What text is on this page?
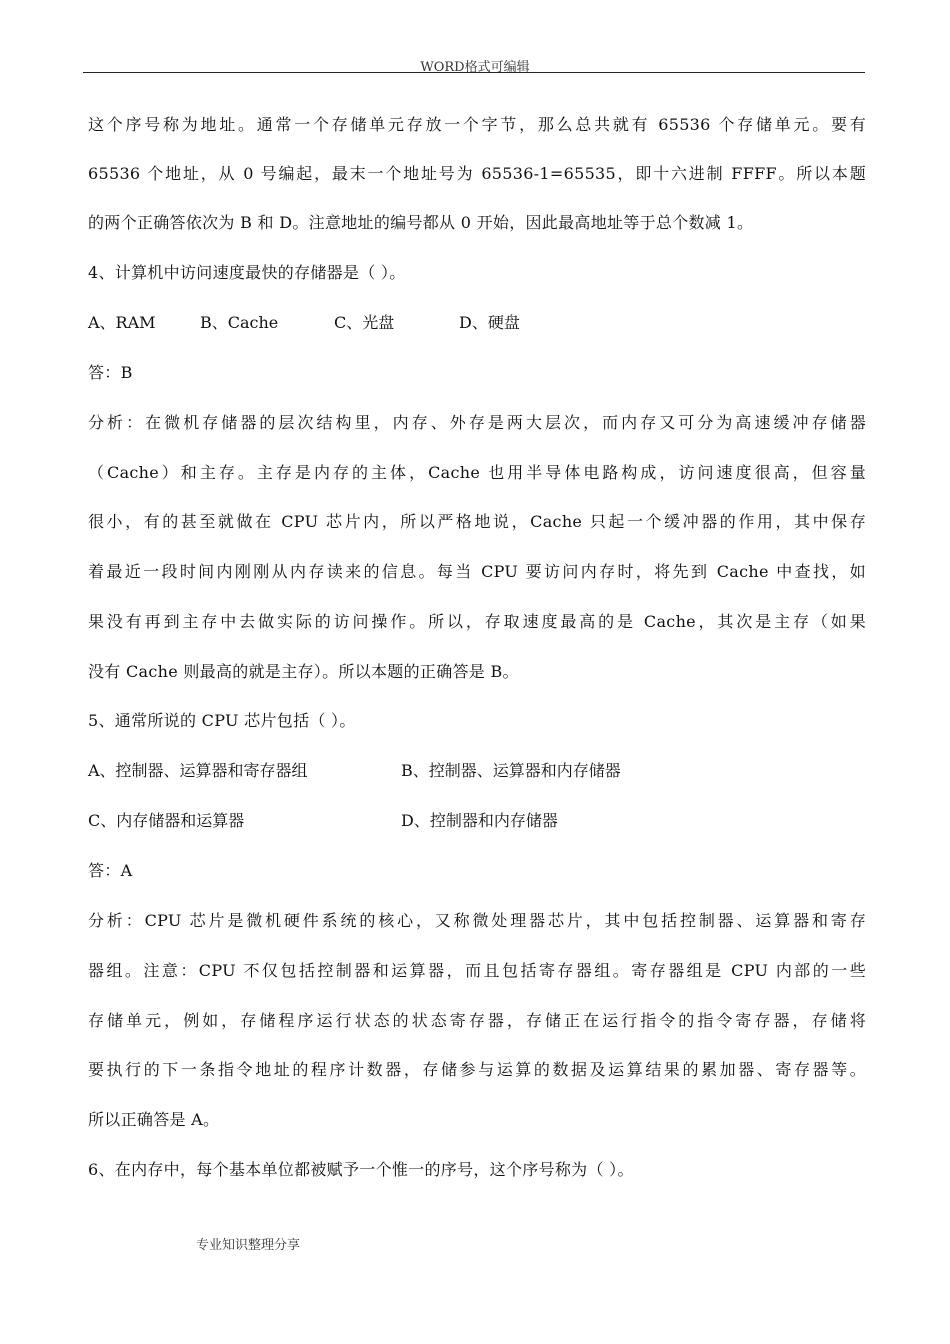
WORD格式可编辑
这个序号称为地址。通常一个存储单元存放一个字节，那么总共就有 65536 个存储单元。要有
65536 个地址，从 0 号编起，最末一个地址号为 65536-1=65535，即十六进制 FFFF。所以本题
的两个正确答依次为 B 和 D。注意地址的编号都从 0 开始，因此最高地址等于总个数减 1。
4、计算机中访问速度最快的存储器是（ ）。
A、RAM	B、Cache	C、光盘	D、硬盘
答：B
分析：在微机存储器的层次结构里，内存、外存是两大层次，而内存又可分为高速缓冲存储器
（Cache）和主存。主存是内存的主体，Cache 也用半导体电路构成，访问速度很高，但容量
很小，有的甚至就做在 CPU 芯片内，所以严格地说，Cache 只起一个缓冲器的作用，其中保存
着最近一段时间内刚刚从内存读来的信息。每当 CPU 要访问内存时，将先到 Cache 中查找，如
果没有再到主存中去做实际的访问操作。所以，存取速度最高的是 Cache，其次是主存（如果
没有 Cache 则最高的就是主存）。所以本题的正确答是 B。
5、通常所说的 CPU 芯片包括（ ）。
A、控制器、运算器和寄存器组	B、控制器、运算器和内存储器
C、内存储器和运算器	D、控制器和内存储器
答：A
分析：CPU 芯片是微机硬件系统的核心，又称微处理器芯片，其中包括控制器、运算器和寄存
器组。注意：CPU 不仅包括控制器和运算器，而且包括寄存器组。寄存器组是 CPU 内部的一些
存储单元，例如，存储程序运行状态的状态寄存器，存储正在运行指令的指令寄存器，存储将
要执行的下一条指令地址的程序计数器，存储参与运算的数据及运算结果的累加器、寄存器等。
所以正确答是 A。
6、在内存中，每个基本单位都被赋予一个惟一的序号，这个序号称为（ ）。
专业知识整理分享
